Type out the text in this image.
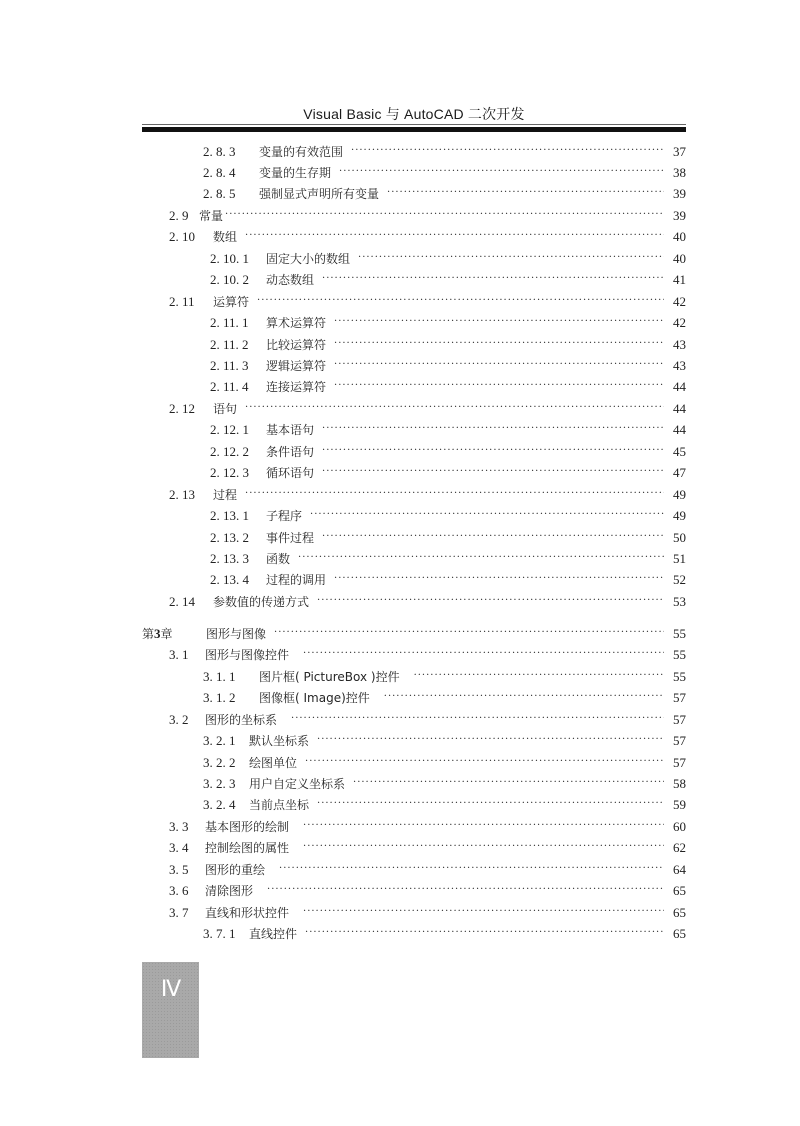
Visual Basic 与 AutoCAD 二次开发
2. 8. 3	变量的有效范围 ·····	37
2. 8. 4	变量的生存期 ·····	38
2. 8. 5	强制显式声明所有变量 ·····	39
2. 9 常量 ·····	39
2. 10	数组 ·····	40
2. 10. 1	固定大小的数组 ·····	40
2. 10. 2	动态数组 ·····	41
2. 11	运算符 ·····	42
2. 11. 1	算术运算符 ·····	42
2. 11. 2	比较运算符 ·····	43
2. 11. 3	逻辑运算符 ·····	43
2. 11. 4	连接运算符 ·····	44
2. 12	语句 ·····	44
2. 12. 1	基本语句 ·····	44
2. 12. 2	条件语句 ·····	45
2. 12. 3	循环语句 ·····	47
2. 13	过程 ·····	49
2. 13. 1	子程序 ·····	49
2. 13. 2	事件过程 ·····	50
2. 13. 3	函数 ·····	51
2. 13. 4	过程的调用 ·····	52
2. 14	参数值的传递方式 ·····	53
第3章	图形与图像 ·····	55
3. 1	图形与图像控件 ·····	55
3. 1. 1	图片框( PictureBox )控件 ·····	55
3. 1. 2	图像框( Image)控件 ·····	57
3. 2	图形的坐标系 ·····	57
3. 2. 1	默认坐标系 ·····	57
3. 2. 2	绘图单位 ·····	57
3. 2. 3	用户自定义坐标系 ·····	58
3. 2. 4	当前点坐标 ·····	59
3. 3	基本图形的绘制 ·····	60
3. 4	控制绘图的属性 ·····	62
3. 5	图形的重绘 ·····	64
3. 6	清除图形 ·····	65
3. 7	直线和形状控件 ·····	65
3. 7. 1	直线控件 ·····	65
Ⅳ
